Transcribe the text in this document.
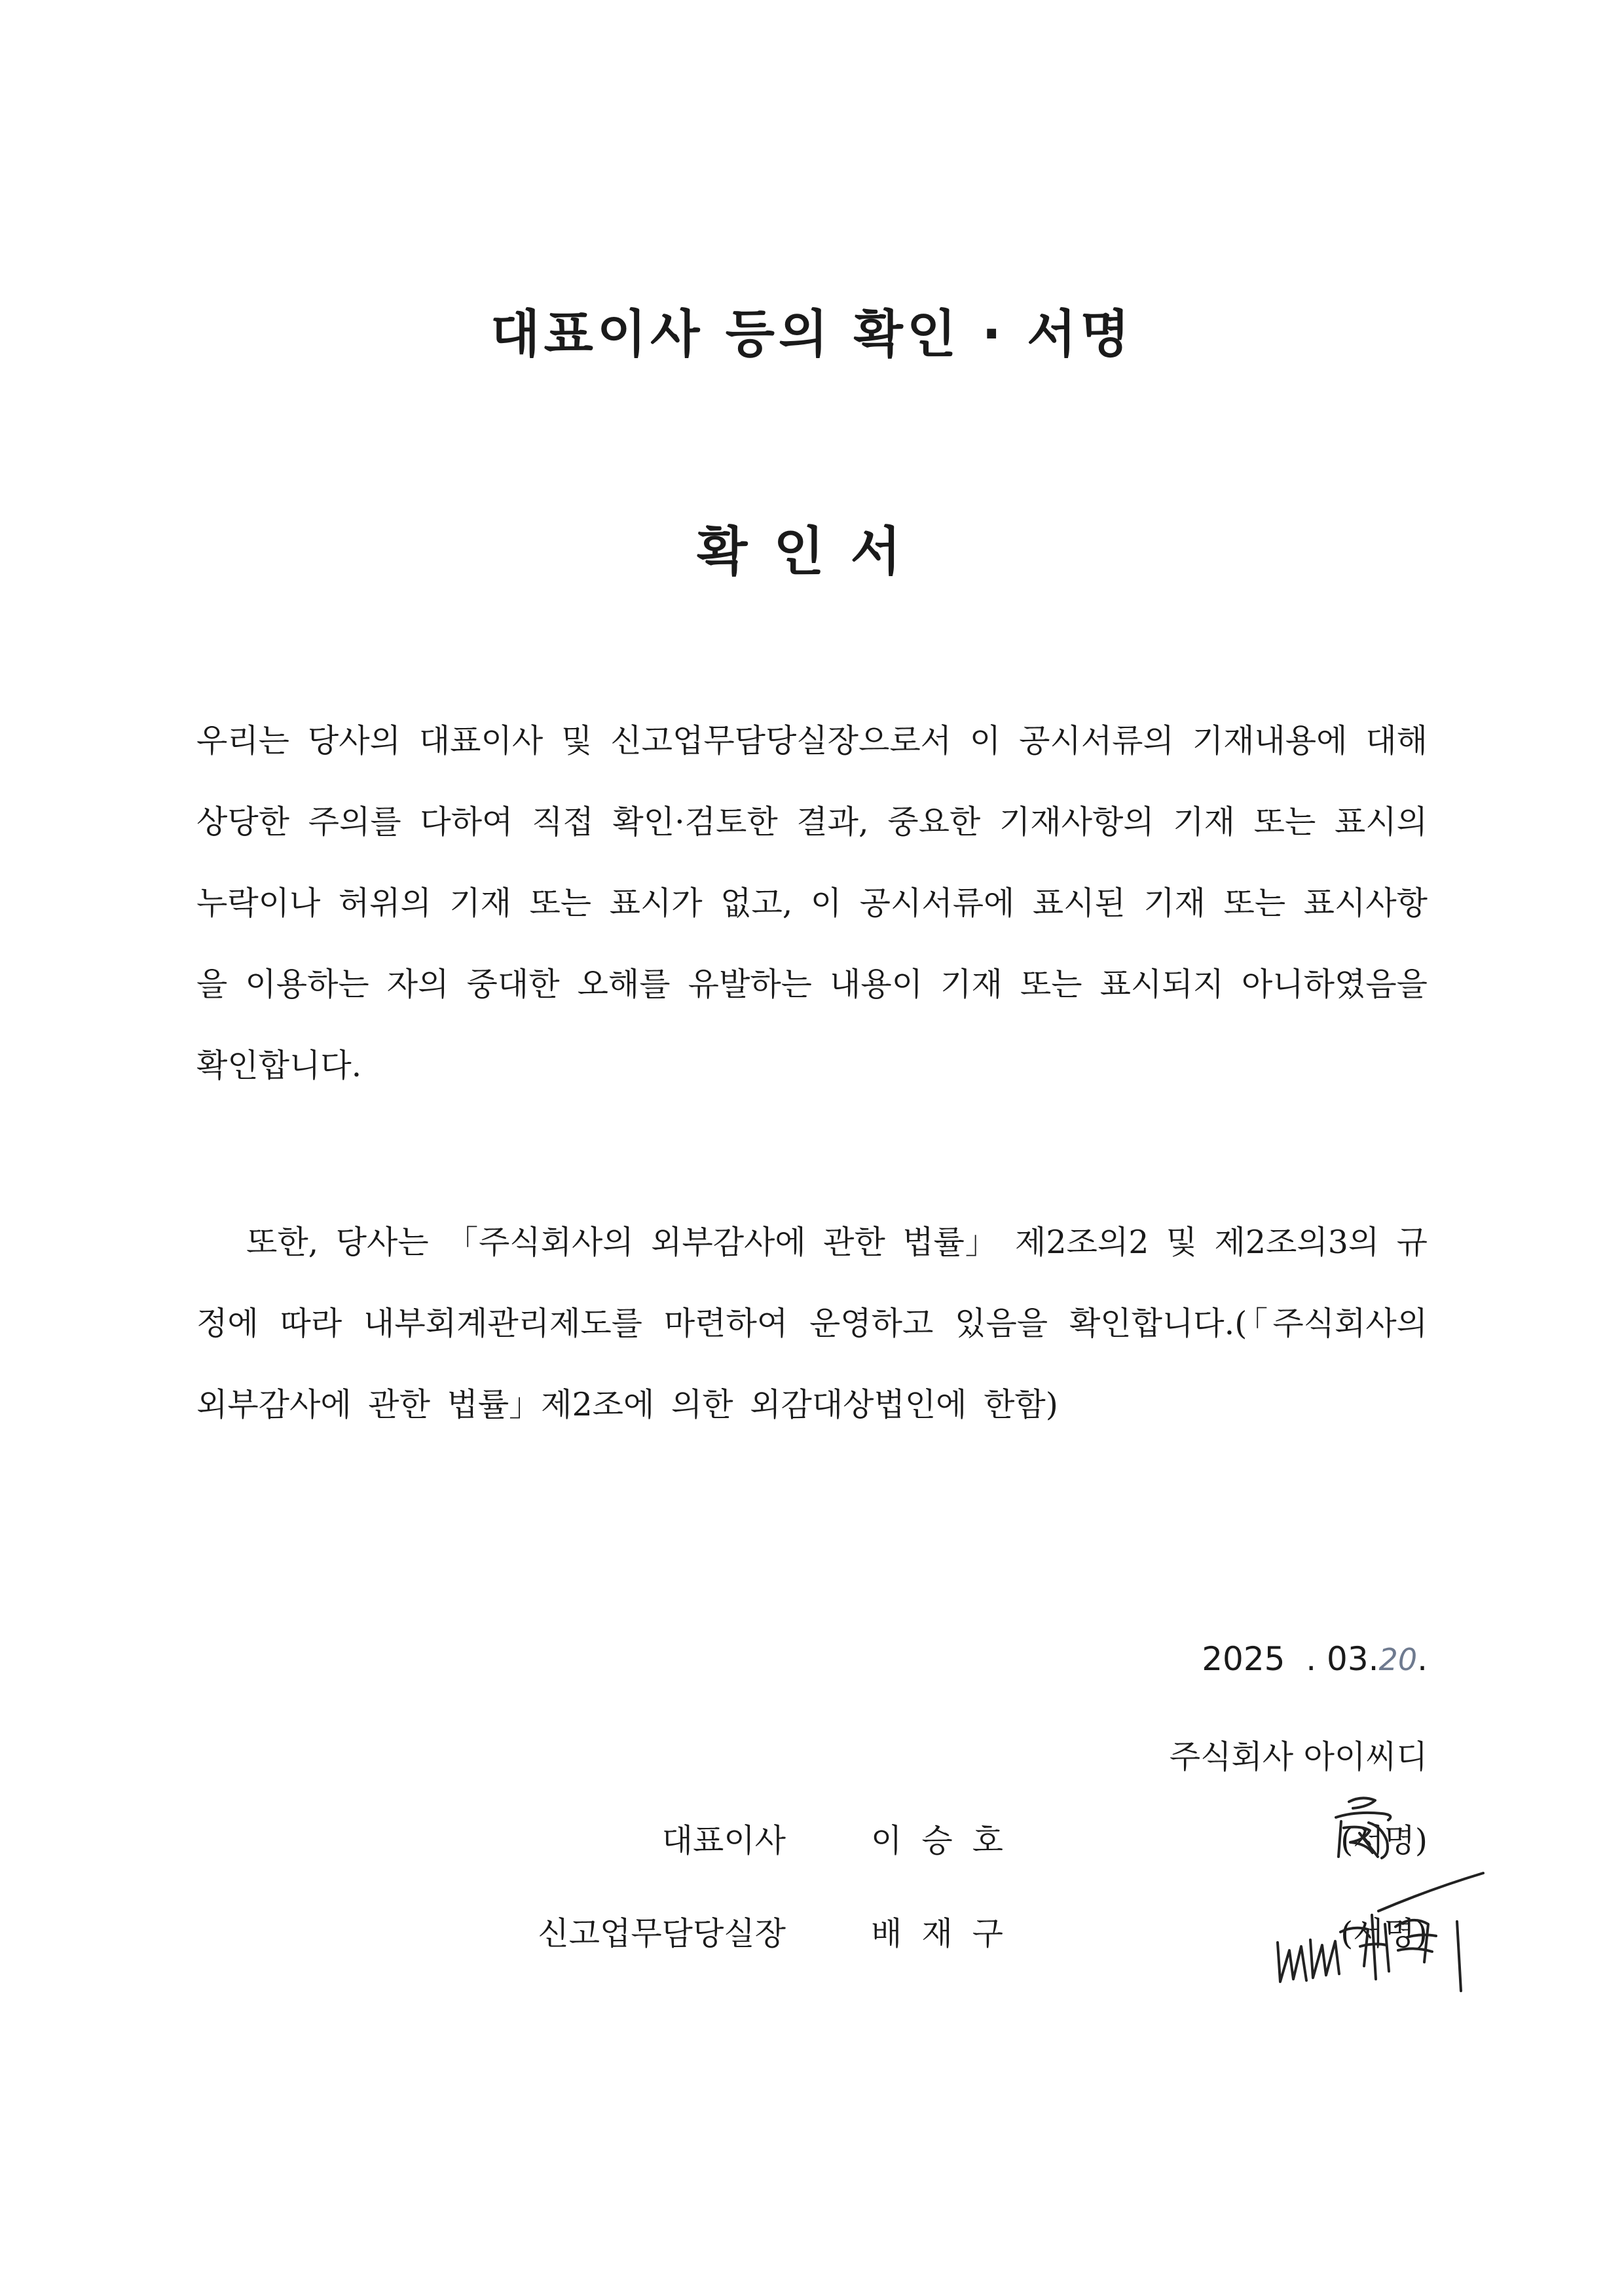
대표이사 등의 확인 · 서명
확인서

우리는 당사의 대표이사 및 신고업무담당실장으로서 이 공시서류의 기재내용에 대해 상당한 주의를 다하여 직접 확인·검토한 결과, 중요한 기재사항의 기재 또는 표시의 누락이나 허위의 기재 또는 표시가 없고, 이 공시서류에 표시된 기재 또는 표시사항을 이용하는 자의 중대한 오해를 유발하는 내용이 기재 또는 표시되지 아니하였음을 확인합니다.

또한, 당사는 「주식회사의 외부감사에 관한 법률」 제2조의2 및 제2조의3의 규정에 따라 내부회계관리제도를 마련하여 운영하고 있음을 확인합니다.(「주식회사의 외부감사에 관한 법률」제2조에 의한 외감대상법인에 한함)

2025  . 03.20.
주식회사 아이씨디
대표이사	이승호	(서명)
신고업무담당실장	배재구	(서명)
